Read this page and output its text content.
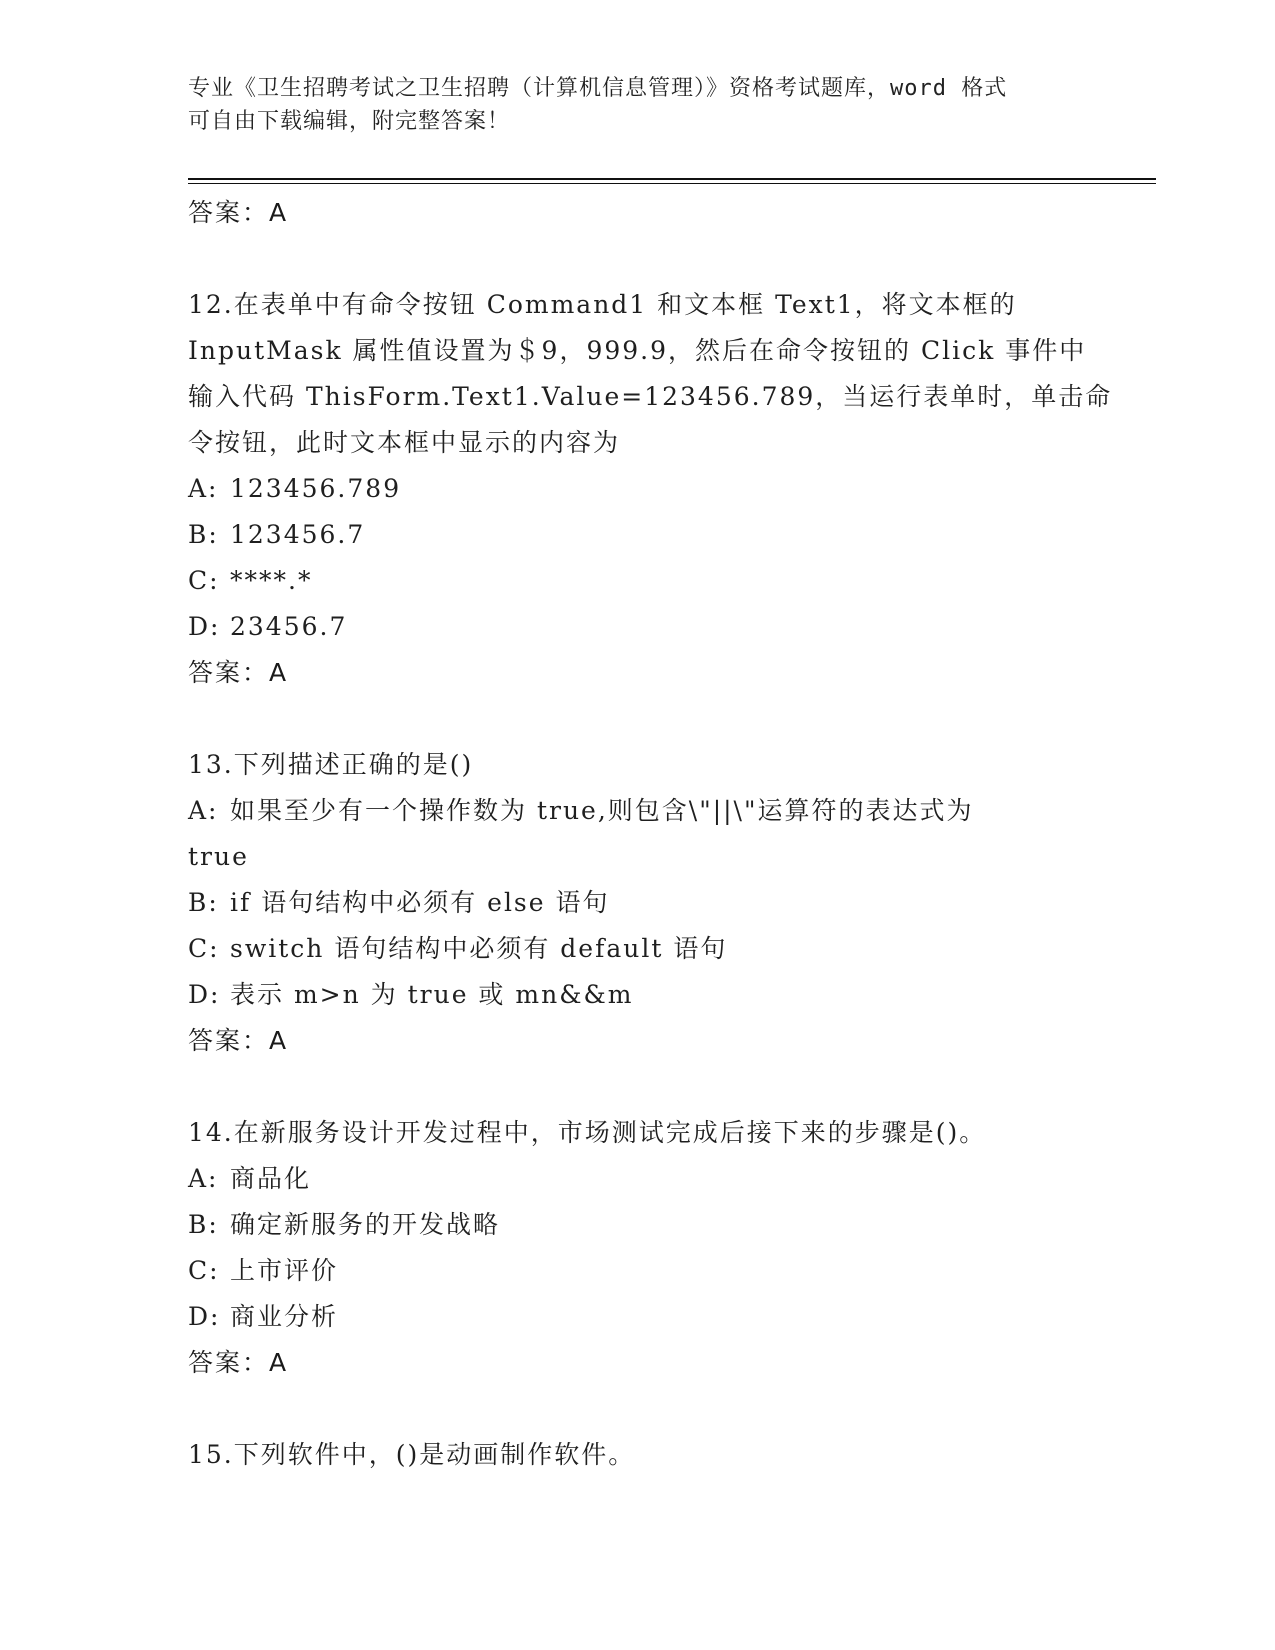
专业《卫生招聘考试之卫生招聘（计算机信息管理）》资格考试题库，word 格式
可自由下载编辑，附完整答案！
答案：A
12.在表单中有命令按钮 Command1 和文本框 Text1，将文本框的
InputMask 属性值设置为＄9，999.9，然后在命令按钮的 Click 事件中
输入代码 ThisForm.Text1.Value=123456.789，当运行表单时，单击命
令按钮，此时文本框中显示的内容为
A: 123456.789
B: 123456.7
C: ****.*
D: 23456.7
答案：A
13.下列描述正确的是()
A: 如果至少有一个操作数为 true,则包含\"||\"运算符的表达式为
true
B: if 语句结构中必须有 else 语句
C: switch 语句结构中必须有 default 语句
D: 表示 m>n 为 true 或 mn&&m
答案：A
14.在新服务设计开发过程中，市场测试完成后接下来的步骤是()。
A: 商品化
B: 确定新服务的开发战略
C: 上市评价
D: 商业分析
答案：A
15.下列软件中，()是动画制作软件。
